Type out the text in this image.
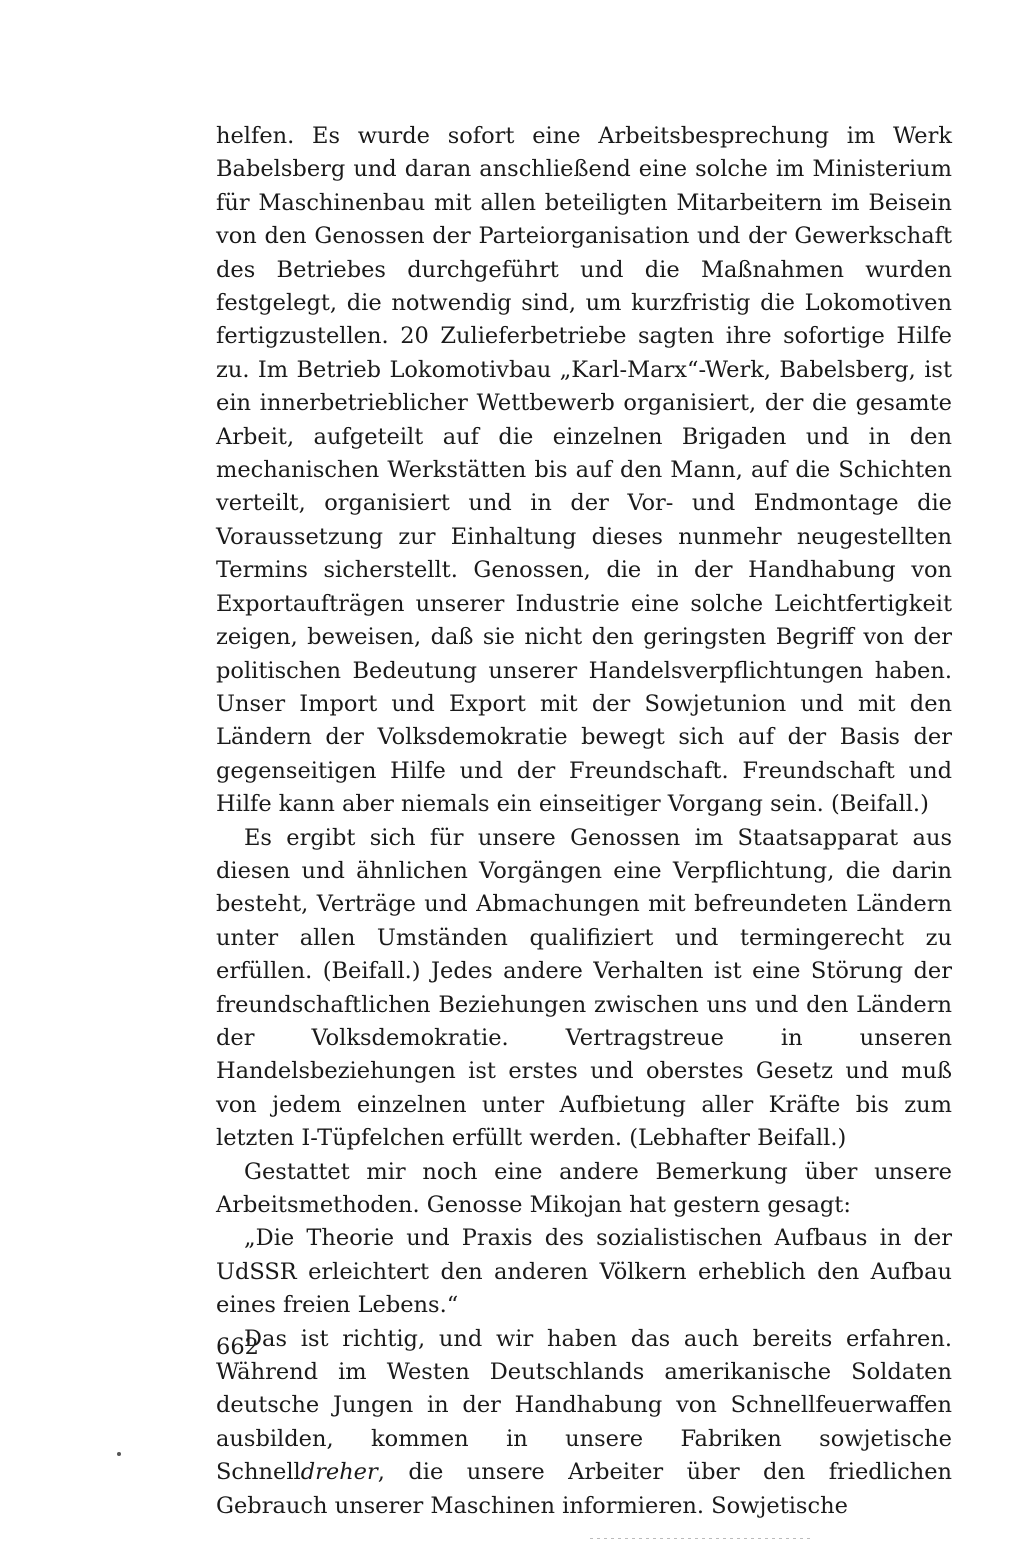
helfen. Es wurde sofort eine Arbeitsbesprechung im Werk Babelsberg und daran anschließend eine solche im Ministerium für Maschinenbau mit allen beteiligten Mitarbeitern im Beisein von den Genossen der Parteiorganisation und der Gewerkschaft des Betriebes durchgeführt und die Maßnahmen wurden festgelegt, die notwendig sind, um kurzfristig die Lokomotiven fertigzustellen. 20 Zulieferbetriebe sagten ihre sofortige Hilfe zu. Im Betrieb Lokomotivbau „Karl-Marx“-Werk, Babelsberg, ist ein innerbetrieblicher Wettbewerb organisiert, der die gesamte Arbeit, aufgeteilt auf die einzelnen Brigaden und in den mechanischen Werkstätten bis auf den Mann, auf die Schichten verteilt, organisiert und in der Vor- und Endmontage die Voraussetzung zur Einhaltung dieses nunmehr neugestellten Termins sicherstellt. Genossen, die in der Handhabung von Exportaufträgen unserer Industrie eine solche Leichtfertigkeit zeigen, beweisen, daß sie nicht den geringsten Begriff von der politischen Bedeutung unserer Handelsverpflichtungen haben. Unser Import und Export mit der Sowjetunion und mit den Ländern der Volksdemokratie bewegt sich auf der Basis der gegenseitigen Hilfe und der Freundschaft. Freundschaft und Hilfe kann aber niemals ein einseitiger Vorgang sein. (Beifall.)

Es ergibt sich für unsere Genossen im Staatsapparat aus diesen und ähnlichen Vorgängen eine Verpflichtung, die darin besteht, Verträge und Abmachungen mit befreundeten Ländern unter allen Umständen qualifiziert und termingerecht zu erfüllen. (Beifall.) Jedes andere Verhalten ist eine Störung der freundschaftlichen Beziehungen zwischen uns und den Ländern der Volksdemokratie. Vertragstreue in unseren Handelsbeziehungen ist erstes und oberstes Gesetz und muß von jedem einzelnen unter Aufbietung aller Kräfte bis zum letzten I-Tüpfelchen erfüllt werden. (Lebhafter Beifall.)

Gestattet mir noch eine andere Bemerkung über unsere Arbeitsmethoden. Genosse Mikojan hat gestern gesagt:

„Die Theorie und Praxis des sozialistischen Aufbaus in der UdSSR erleichtert den anderen Völkern erheblich den Aufbau eines freien Lebens.“

Das ist richtig, und wir haben das auch bereits erfahren. Während im Westen Deutschlands amerikanische Soldaten deutsche Jungen in der Handhabung von Schnellfeuerwaffen ausbilden, kommen in unsere Fabriken sowjetische Schnelldreher, die unsere Arbeiter über den friedlichen Gebrauch unserer Maschinen informieren. Sowjetische

662
